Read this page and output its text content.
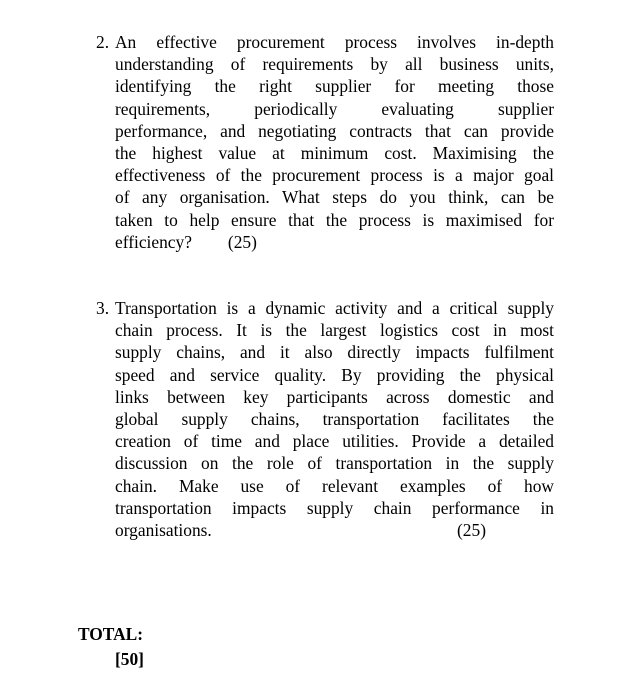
2. An effective procurement process involves in-depth
understanding of requirements by all business units,
identifying the right supplier for meeting those
requirements, periodically evaluating supplier
performance, and negotiating contracts that can provide
the highest value at minimum cost. Maximising the
effectiveness of the procurement process is a major goal
of any organisation. What steps do you think, can be
taken to help ensure that the process is maximised for
efficiency? (25)
3. Transportation is a dynamic activity and a critical supply
chain process. It is the largest logistics cost in most
supply chains, and it also directly impacts fulfilment
speed and service quality. By providing the physical
links between key participants across domestic and
global supply chains, transportation facilitates the
creation of time and place utilities. Provide a detailed
discussion on the role of transportation in the supply
chain. Make use of relevant examples of how
transportation impacts supply chain performance in
organisations.	(25)
TOTAL:
[50]
